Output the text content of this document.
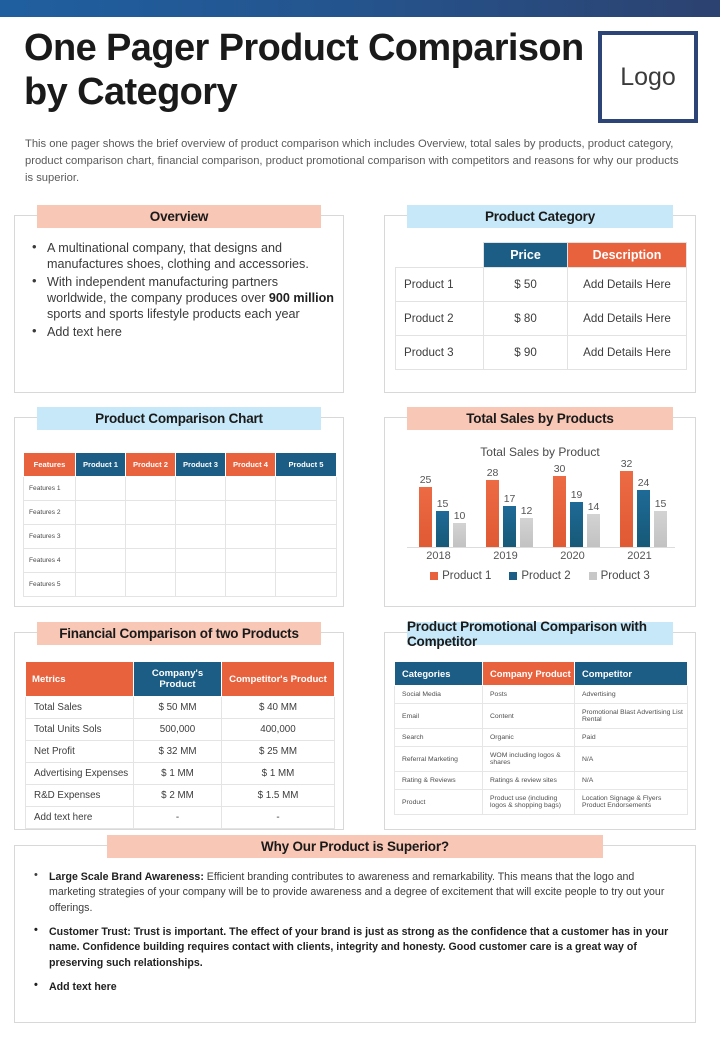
One Pager Product Comparison by Category	Logo
This one pager shows the brief overview of product comparison which includes Overview, total sales by products, product category, product comparison chart, financial comparison, product promotional comparison with competitors and reasons for why our products is superior.
Overview
• A multinational company, that designs and manufactures shoes, clothing and accessories.
• With independent manufacturing partners worldwide, the company produces over 900 million sports and sports lifestyle products each year
• Add text here
Product Category
	Price	Description
Product 1	$ 50	Add Details Here
Product 2	$ 80	Add Details Here
Product 3	$ 90	Add Details Here
Product Comparison Chart
Features	Product 1	Product 2	Product 3	Product 4	Product 5
Features 1					
Features 2					
Features 3					
Features 4					
Features 5					
Total Sales by Products
Total Sales by Product
25
15
10
28
17
12
30
19
14
32
24
15
2018	2019	2020	2021
Product 1	Product 2	Product 3
Financial Comparison of two Products
Metrics	Company's Product	Competitor's Product
Total Sales	$ 50 MM	$ 40 MM
Total Units Sols	500,000	400,000
Net Profit	$ 32 MM	$ 25 MM
Advertising Expenses	$ 1 MM	$ 1 MM
R&D Expenses	$ 2 MM	$ 1.5 MM
Add text here	-	-
Product Promotional Comparison with Competitor
Categories	Company Product	Competitor
Social Media	Posts	Advertising
Email	Content	Promotional Blast Advertising List Rental
Search	Organic	Paid
Referral Marketing	WOM including logos & shares	N/A
Rating & Reviews	Ratings & review sites	N/A
Product	Product use (including logos & shopping bags)	Location Signage & Flyers Product Endorsements
Why Our Product is Superior?
• Large Scale Brand Awareness: Efficient branding contributes to awareness and remarkability. This means that the logo and marketing strategies of your company will be to provide awareness and a degree of excitement that will excite people to try out your offerings.
• Customer Trust: Trust is important. The effect of your brand is just as strong as the confidence that a customer has in your name. Confidence building requires contact with clients, integrity and honesty. Good customer care is a great way of preserving such relationships.
• Add text here
